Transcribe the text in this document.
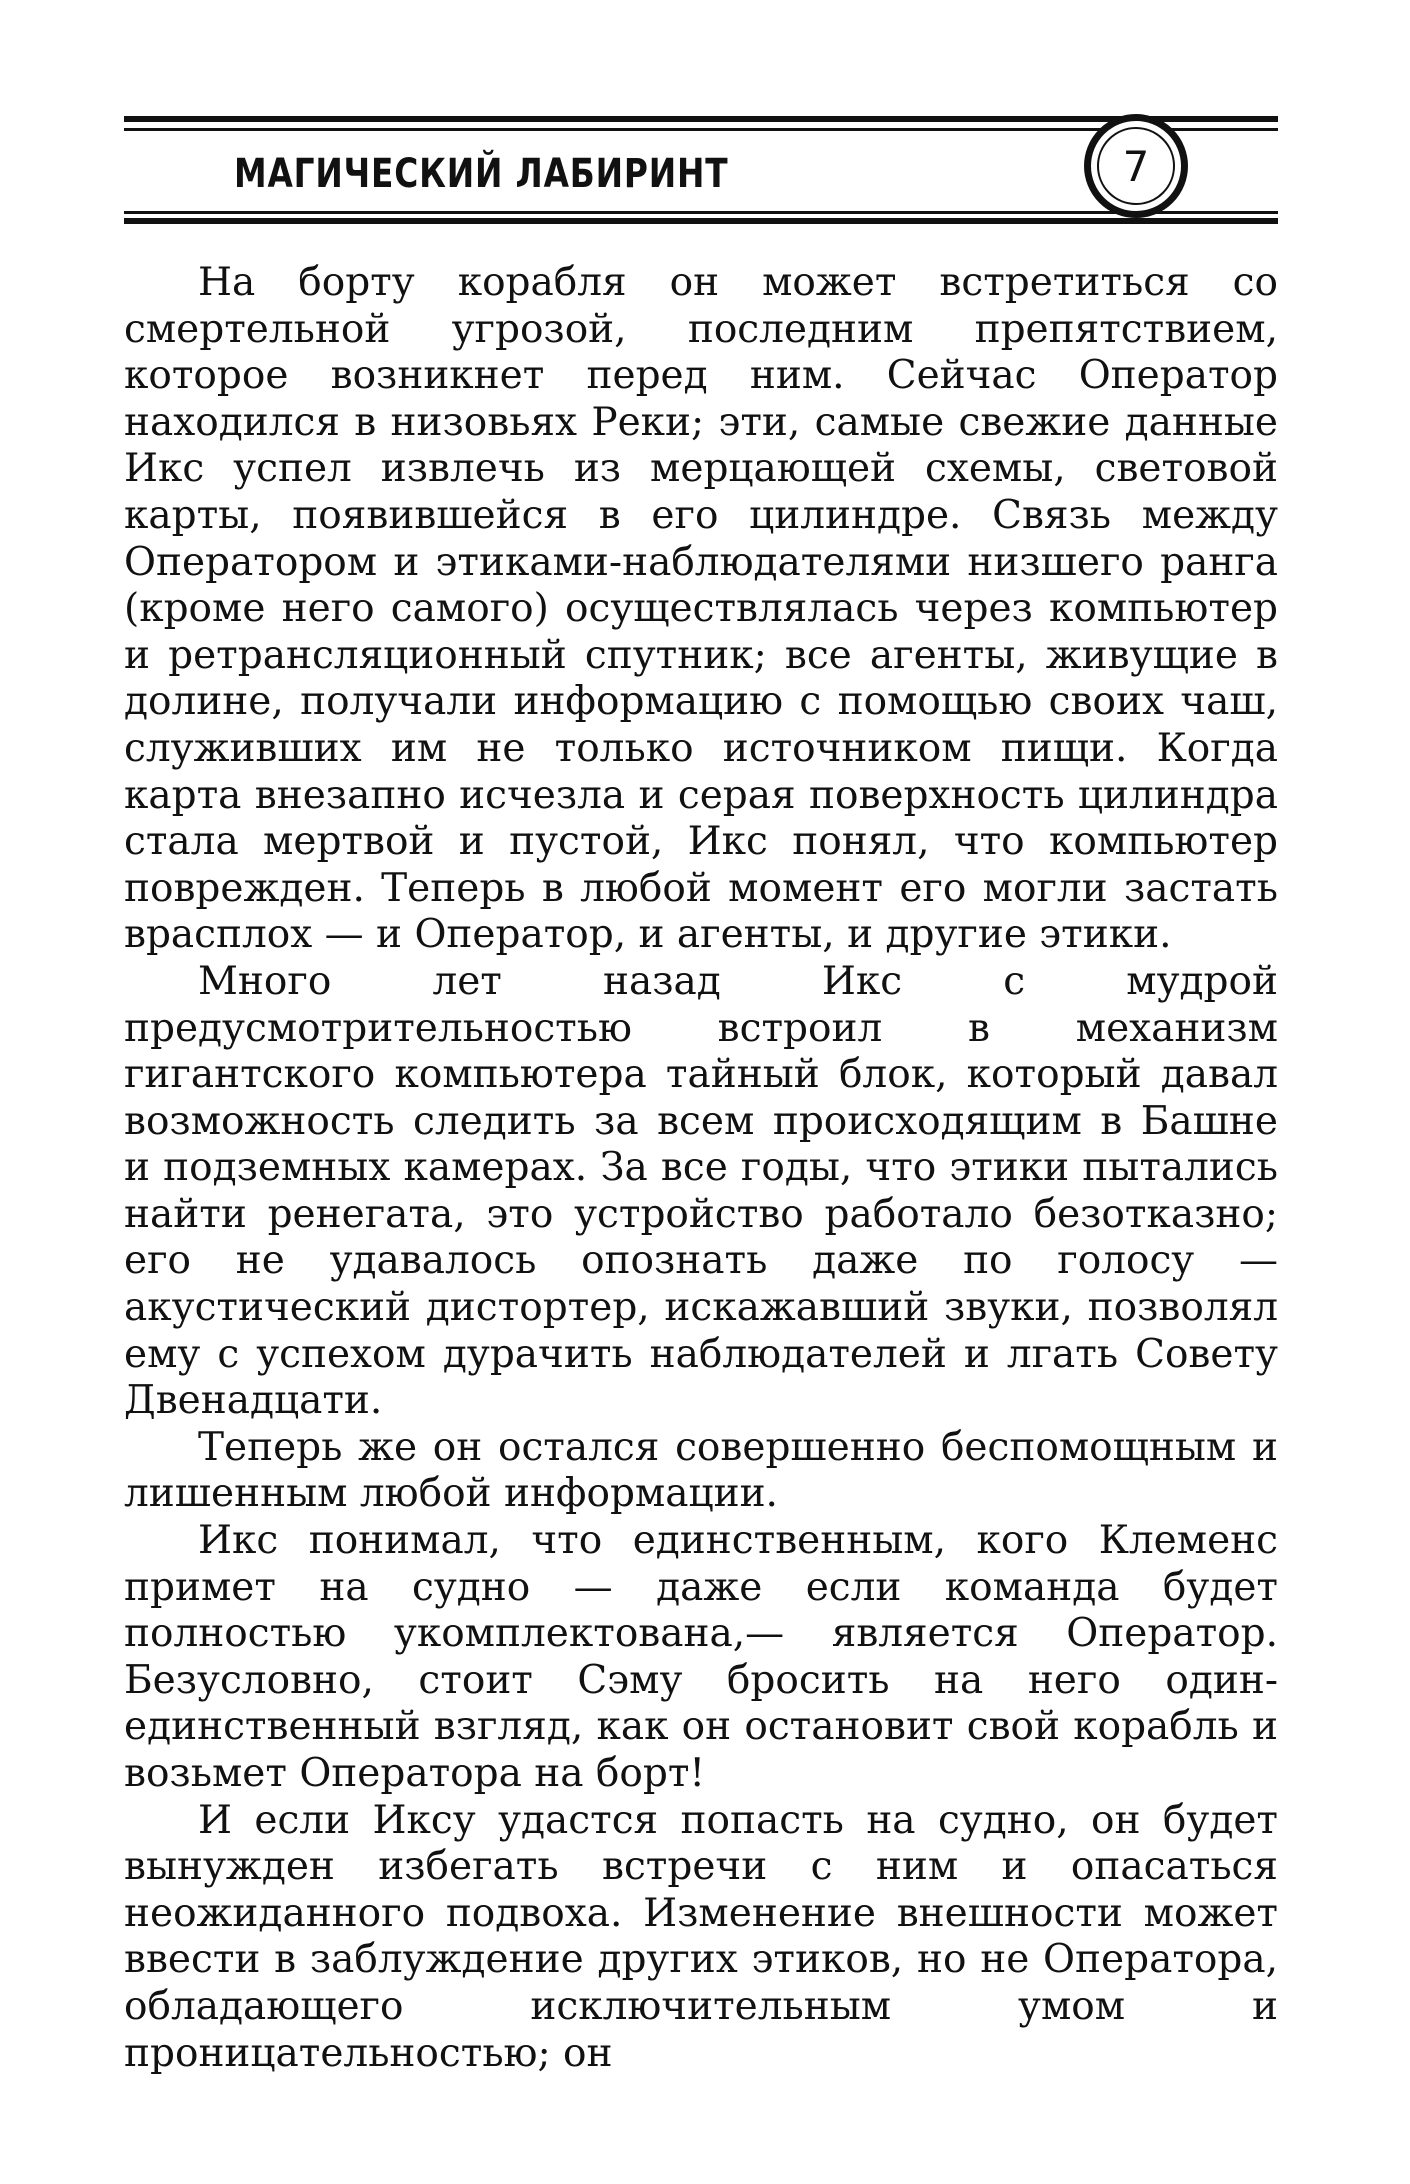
МАГИЧЕСКИЙ ЛАБИРИНТ	7

На борту корабля он может встретиться со смертельной угрозой, последним препятствием, которое возникнет перед ним. Сейчас Оператор находился в низовьях Реки; эти, самые свежие данные Икс успел извлечь из мерцающей схемы, световой карты, появившейся в его цилиндре. Связь между Оператором и этиками-наблюдателями низшего ранга (кроме него самого) осуществлялась через компьютер и ретрансляционный спутник; все агенты, живущие в долине, получали информацию с помощью своих чаш, служивших им не только источником пищи. Когда карта внезапно исчезла и серая поверхность цилиндра стала мертвой и пустой, Икс понял, что компьютер поврежден. Теперь в любой момент его могли застать врасплох — и Оператор, и агенты, и другие этики.

Много лет назад Икс с мудрой предусмотрительностью встроил в механизм гигантского компьютера тайный блок, который давал возможность следить за всем происходящим в Башне и подземных камерах. За все годы, что этики пытались найти ренегата, это устройство работало безотказно; его не удавалось опознать даже по голосу — акустический дистортер, искажавший звуки, позволял ему с успехом дурачить наблюдателей и лгать Совету Двенадцати.

Теперь же он остался совершенно беспомощным и лишенным любой информации.

Икс понимал, что единственным, кого Клеменс примет на судно — даже если команда будет полностью укомплектована,— является Оператор. Безусловно, стоит Сэму бросить на него один-единственный взгляд, как он остановит свой корабль и возьмет Оператора на борт!

И если Иксу удастся попасть на судно, он будет вынужден избегать встречи с ним и опасаться неожиданного подвоха. Изменение внешности может ввести в заблуждение других этиков, но не Оператора, обладающего исключительным умом и проницательностью; он
